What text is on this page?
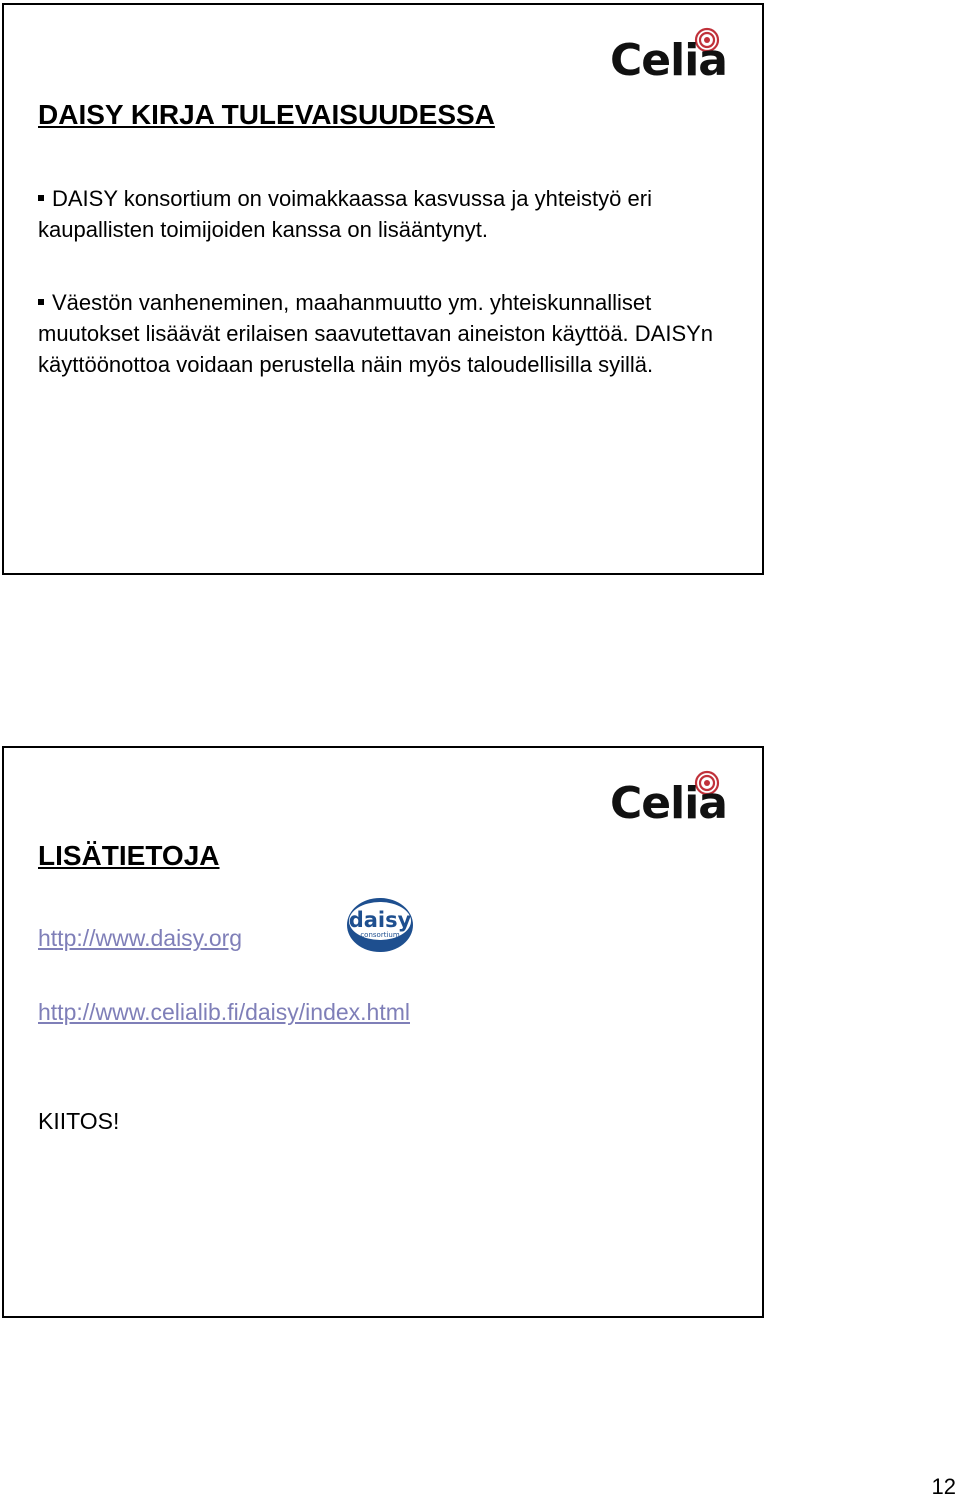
Celia
DAISY KIRJA TULEVAISUUDESSA
DAISY konsortium on voimakkaassa kasvussa ja yhteistyö eri kaupallisten toimijoiden kanssa on lisääntynyt.
Väestön vanheneminen, maahanmuutto ym. yhteiskunnalliset muutokset lisäävät erilaisen saavutettavan aineiston käyttöä. DAISYn käyttöönottoa voidaan perustella näin myös taloudellisilla syillä.
Celia
LISÄTIETOJA
http://www.daisy.org
daisy
consortium
http://www.celialib.fi/daisy/index.html
KIITOS!
12
